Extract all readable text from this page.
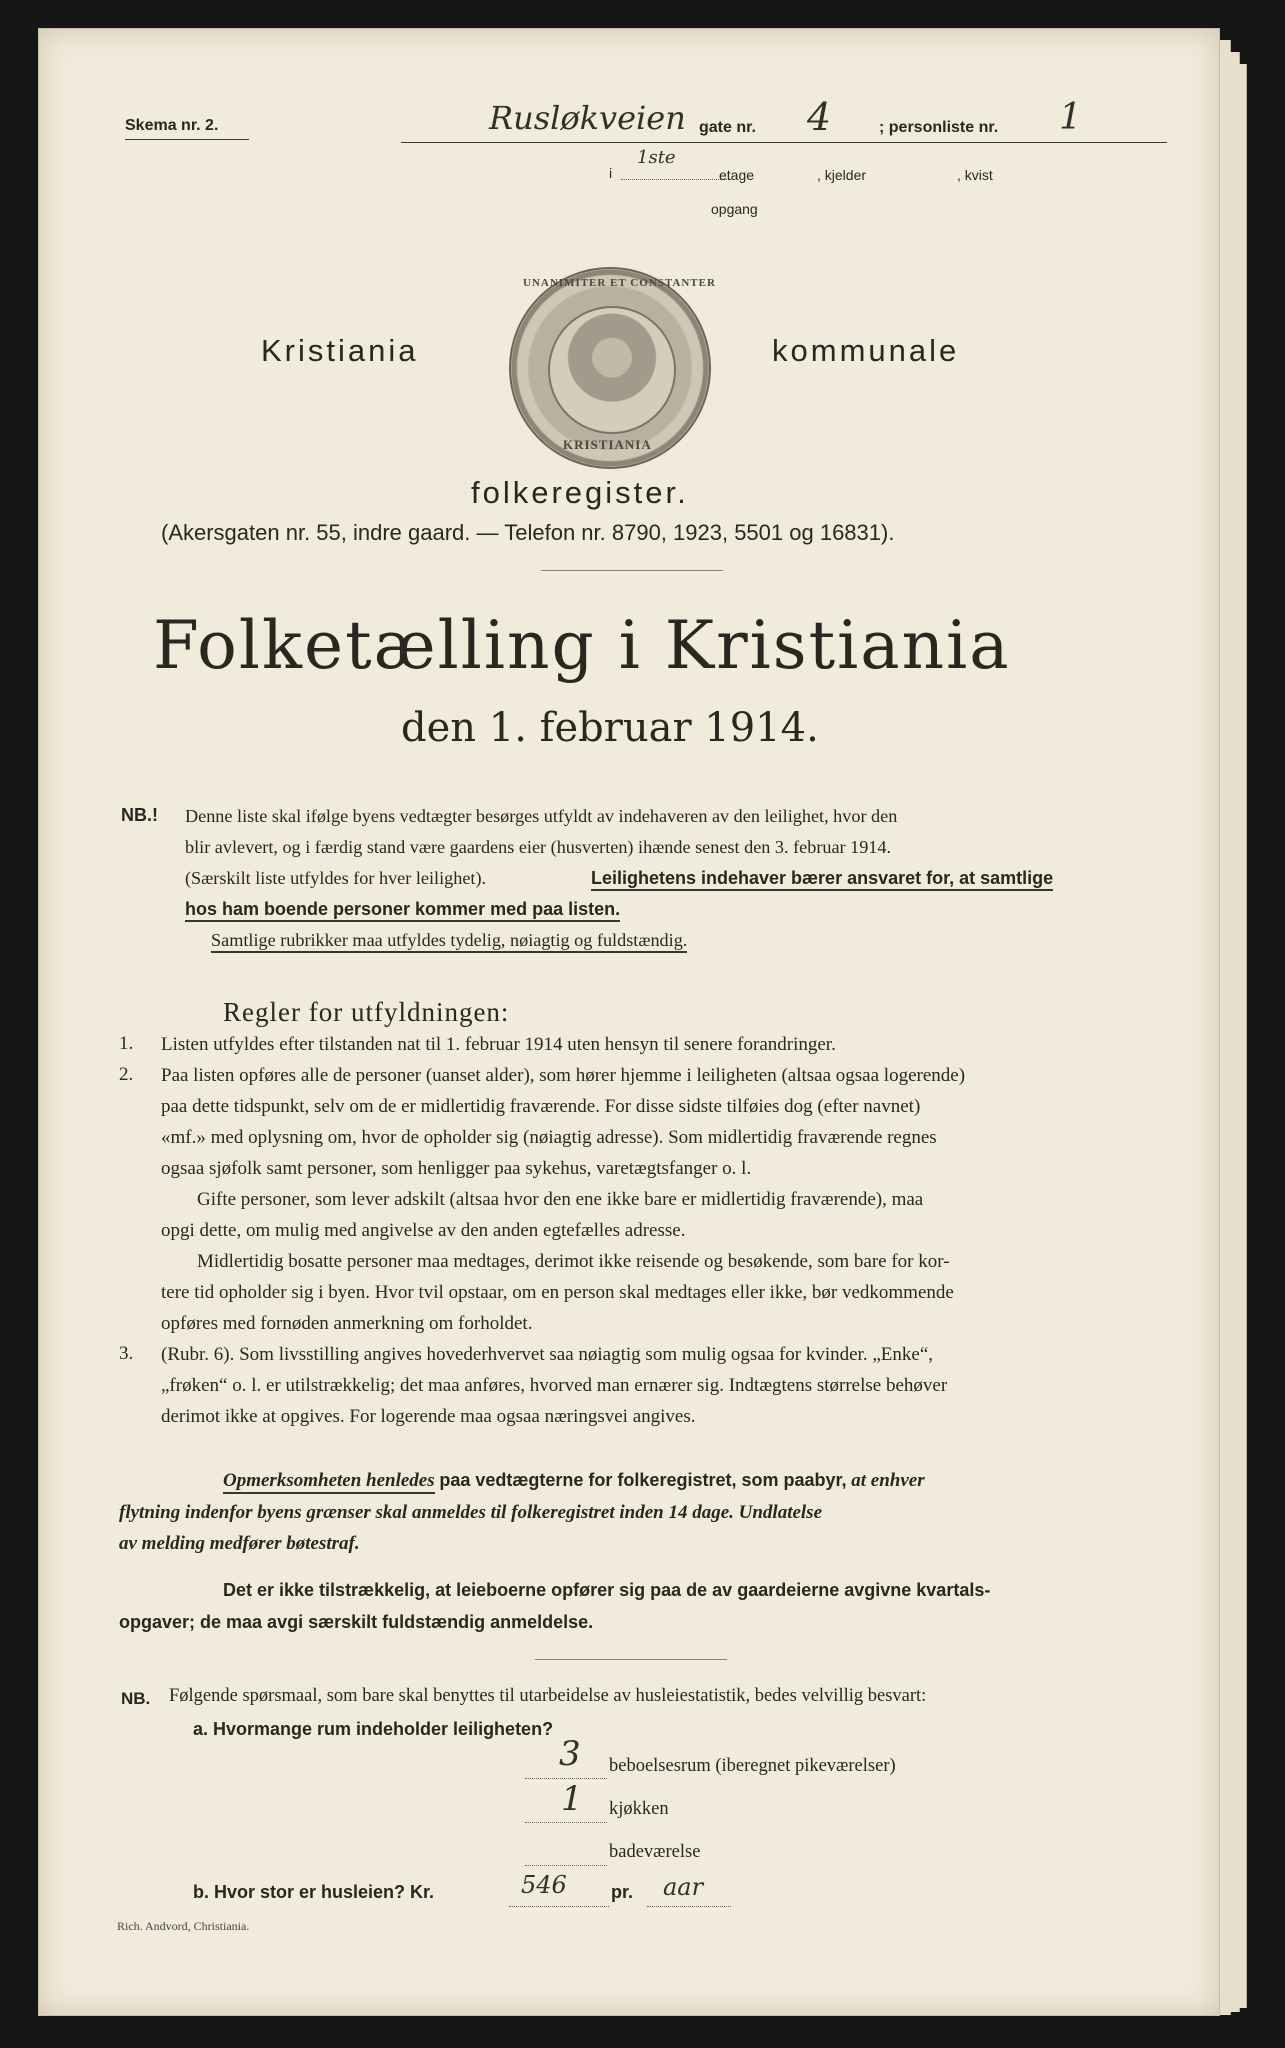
Skema nr. 2.	Rusløkveien gate nr. 4	; personliste nr. 1
i
1ste
etage	, kjelder	, kvist
opgang
Kristiania
UNANIMITER ET CONSTANTER
KRISTIANIA
kommunale
folkeregister.
(Akersgaten nr. 55, indre gaard. — Telefon nr. 8790, 1923, 5501 og 16831).
Folketælling i Kristiania
den 1. februar 1914.
NB.! Denne liste skal ifølge byens vedtægter besørges utfyldt av indehaveren av den leilighet, hvor den
blir avlevert, og i færdig stand være gaardens eier (husverten) ihænde senest den 3. februar 1914.
(Særskilt liste utfyldes for hver leilighet).	Leilighetens indehaver bærer ansvaret for, at samtlige
hos ham boende personer kommer med paa listen.
Samtlige rubrikker maa utfyldes tydelig, nøiagtig og fuldstændig.
Regler for utfyldningen:
1. Listen utfyldes efter tilstanden nat til 1. februar 1914 uten hensyn til senere forandringer.
2. Paa listen opføres alle de personer (uanset alder), som hører hjemme i leiligheten (altsaa ogsaa logerende)
paa dette tidspunkt, selv om de er midlertidig fraværende. For disse sidste tilføies dog (efter navnet)
«mf.» med oplysning om, hvor de opholder sig (nøiagtig adresse). Som midlertidig fraværende regnes
ogsaa sjøfolk samt personer, som henligger paa sykehus, varetægtsfanger o. l.
Gifte personer, som lever adskilt (altsaa hvor den ene ikke bare er midlertidig fraværende), maa
opgi dette, om mulig med angivelse av den anden egtefælles adresse.
Midlertidig bosatte personer maa medtages, derimot ikke reisende og besøkende, som bare for kor-
tere tid opholder sig i byen. Hvor tvil opstaar, om en person skal medtages eller ikke, bør vedkommende
opføres med fornøden anmerkning om forholdet.
3. (Rubr. 6). Som livsstilling angives hovederhvervet saa nøiagtig som mulig ogsaa for kvinder. „Enke“,
„frøken“ o. l. er utilstrækkelig; det maa anføres, hvorved man ernærer sig. Indtægtens størrelse behøver
derimot ikke at opgives. For logerende maa ogsaa næringsvei angives.
Opmerksomheten henledes paa vedtægterne for folkeregistret, som paabyr, at enhver
flytning indenfor byens grænser skal anmeldes til folkeregistret inden 14 dage. Undlatelse
av melding medfører bøtestraf.
Det er ikke tilstrækkelig, at leieboerne opfører sig paa de av gaardeierne avgivne kvartals-
opgaver; de maa avgi særskilt fuldstændig anmeldelse.
NB. Følgende spørsmaal, som bare skal benyttes til utarbeidelse av husleiestatistik, bedes velvillig besvart:
a. Hvormange rum indeholder leiligheten?
3 beboelsesrum (iberegnet pikeværelser)
1 kjøkken
badeværelse
b. Hvor stor er husleien? Kr.	546 pr. aar
Rich. Andvord, Christiania.
